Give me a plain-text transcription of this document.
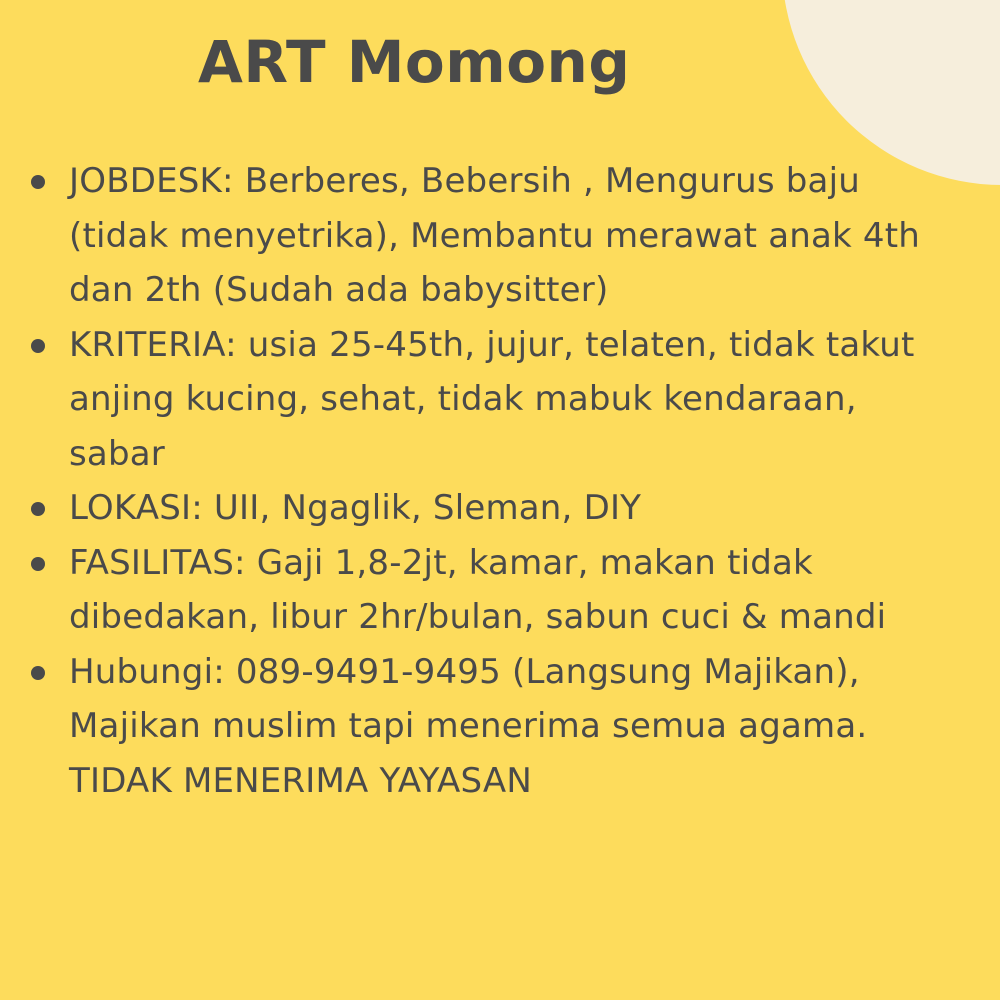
ART Momong
JOBDESK: Berberes, Bebersih , Mengurus baju (tidak menyetrika), Membantu merawat anak 4th dan 2th (Sudah ada babysitter)
KRITERIA: usia 25-45th, jujur, telaten, tidak takut anjing kucing, sehat, tidak mabuk kendaraan, sabar
LOKASI: UII, Ngaglik, Sleman, DIY
FASILITAS: Gaji 1,8-2jt, kamar, makan tidak dibedakan, libur 2hr/bulan, sabun cuci & mandi
Hubungi: 089-9491-9495 (Langsung Majikan), Majikan muslim tapi menerima semua agama. TIDAK MENERIMA YAYASAN
